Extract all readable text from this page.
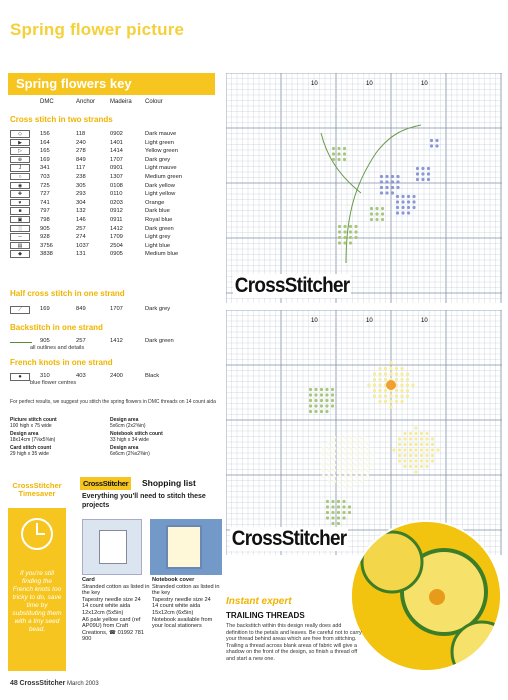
Spring flower picture
Spring flowers key
DMC	Anchor Madeira Colour
Cross stitch in two strands
◇	156	118	0902	Dark mauve
▶	164	240	1401	Light green
▷	165	278	1414	Yellow green
⊕	169	849	1707	Dark grey
J	341	117	0901	Light mauve
○	703	238	1307	Medium green
◉	725	305	0108	Dark yellow
✚	727	293	0110	Light yellow
♥	741	304	0203	Orange
■	797	132	0912	Dark blue
▣	798	146	0911	Royal blue
░	905	257	1412	Dark green
∼	928	274	1709	Light grey
▤	3756	1037	2504	Light blue
◆	3838	131	0905	Medium blue
Half cross stitch in one strand
⟋	169	849	1707	Dark grey
Backstitch in one strand
905	257	1412	Dark green
all outlines and details
French knots in one strand
●	310	403	2400	Black
blue flower centres
For perfect results, we suggest you stitch the spring flowers in DMC threads on 14 count aida
Picture stitch count
100 high x 75 wide
Design area
18x14cm (7⅛x5⅜in)
Card stitch count
29 high x 35 wide
Design area
5x6cm (2x2⅝in)
Notebook stitch count
33 high x 34 wide
Design area
6x6cm (2⅜x2⅜in)
CrossStitcher
Timesaver
If you're still finding the French knots too tricky to do, save time by substituting them with a tiny seed bead.
CrossStitcher	Shopping list
Everything you'll need to stitch these projects
Card
Stranded cotton as listed in the key
Tapestry needle size 24
14 count white aida 12x12cm (5x5in)
A6 pale yellow card (ref AP09U) from Craft Creations, ☎ 01992 781 900
Notebook cover
Stranded cotton as listed in the key
Tapestry needle size 24
14 count white aida 15x12cm (6x5in)
Notebook available from your local stationers
10	10	10
CrossStitcher
10	10	10
CrossStitcher
Instant expert
TRAILING THREADS
The backstitch within this design really does add definition to the petals and leaves. Be careful not to carry your thread behind areas which are free from stitching. Trailing a thread across blank areas of fabric will give a shadow on the front of the design, so finish a thread off and start a new one.
48 CrossStitcher March 2003
